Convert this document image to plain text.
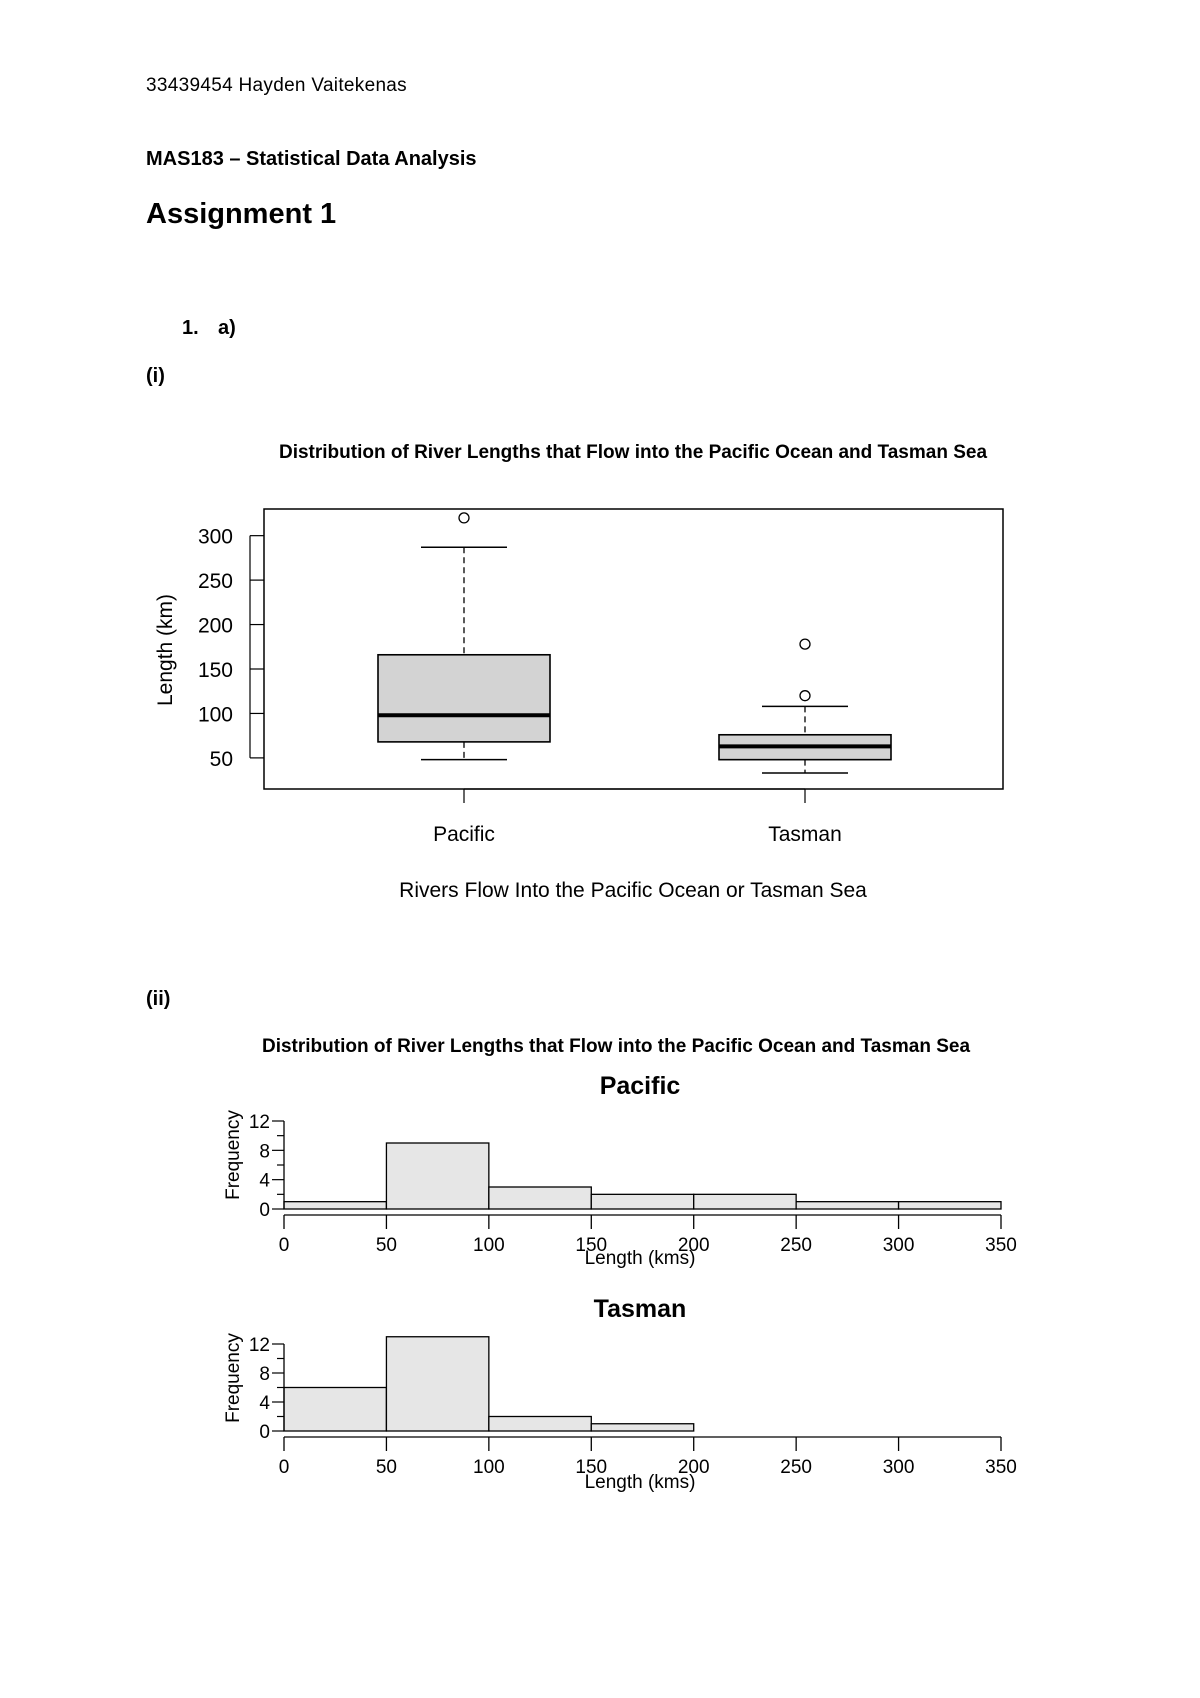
33439454 Hayden Vaitekenas
MAS183 – Statistical Data Analysis
Assignment 1
1. a)
(i)
(ii)
Distribution of River Lengths that Flow into the Pacific Ocean and Tasman Sea
Length (km)
Rivers Flow Into the Pacific Ocean or Tasman Sea
50
100
150
200
250
300
Pacific	Tasman
Distribution of River Lengths that Flow into the Pacific Ocean and Tasman Sea
Pacific
Tasman
Length (kms)
Length (kms)
Frequency
Frequency
0	50	100	150	200	250	300	350
0
4
8
12
0	50	100	150	200	250	300	350
0
4
8
12
